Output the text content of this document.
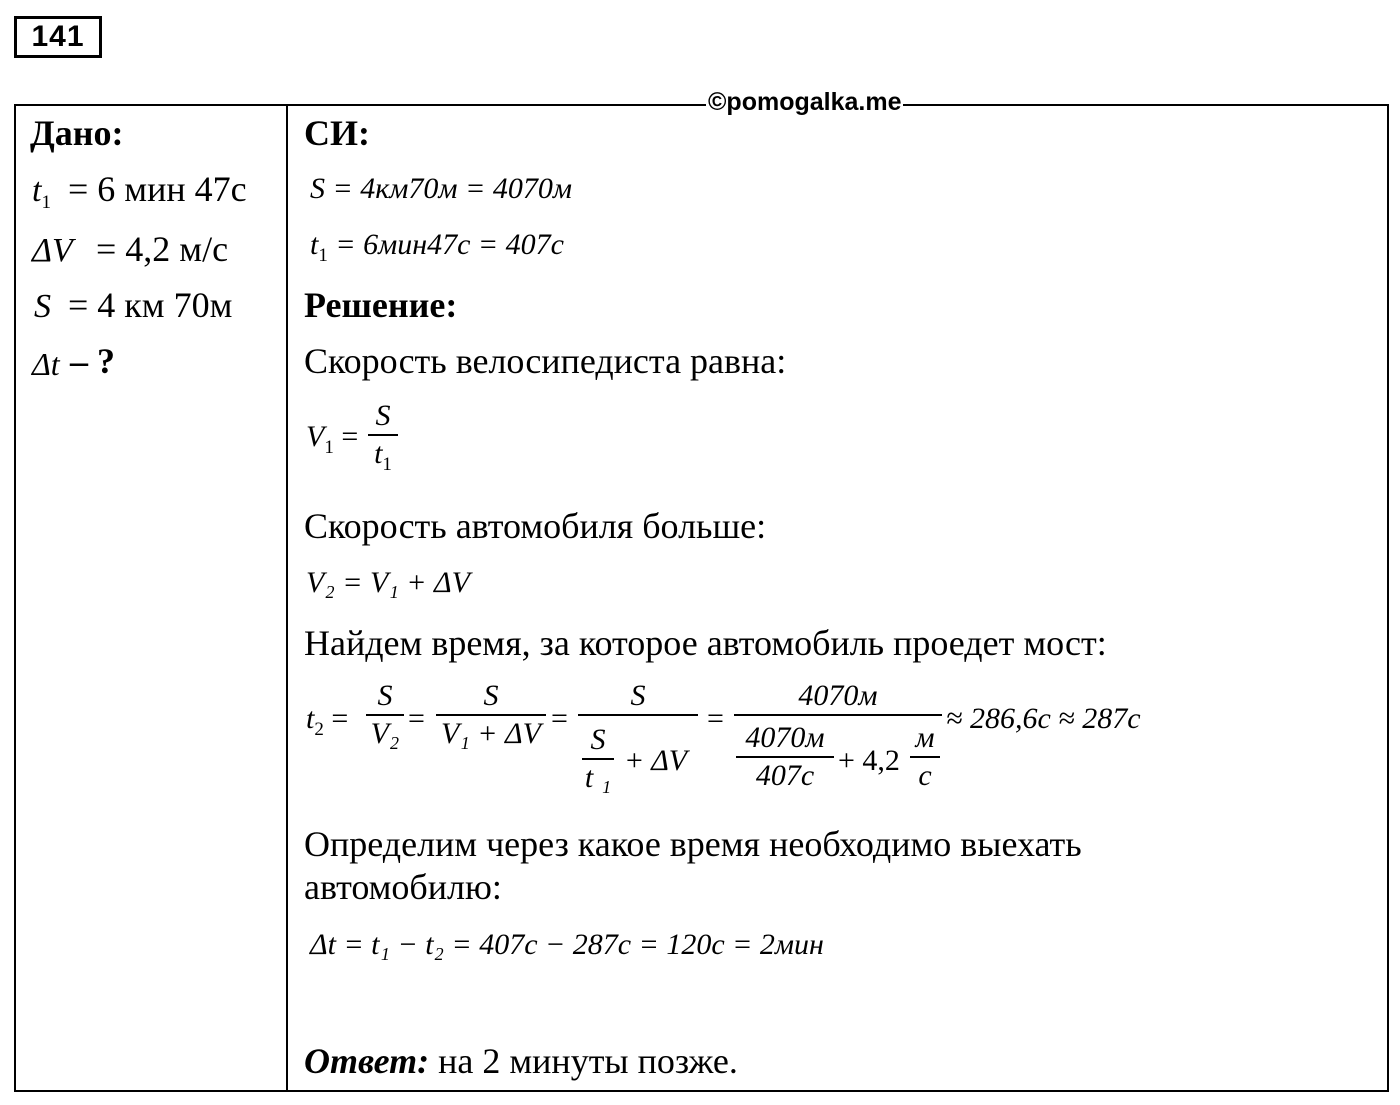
141
©pomogalka.me
Дано:
$t_1 = 6$ мин 47с
ΔV = 4,2 м/с
S = 4 км 70м
Δt – ?
СИ:
S = 4км70м = 4070м
$t_1 = 6мин47с = 407с$
Решение:
Скорость велосипедиста равна:
$V_1$ =
S
$t_1$
Скорость автомобиля больше:
V₂ = V₁ + ΔV
Найдем время, за которое автомобиль проедет мост:
$t_2$ =
S
V₂ =
S
V₁ + ΔV =
S
S
t ₁
+ ΔV
=
4070м
4070м
407с + 4,2
м
с
≈ 286,6с ≈ 287с
Определим через какое время необходимо выехать
автомобилю:
Δt = t₁ − t₂ = 407с − 287с = 120с = 2мин
Ответ: на 2 минуты позже.
